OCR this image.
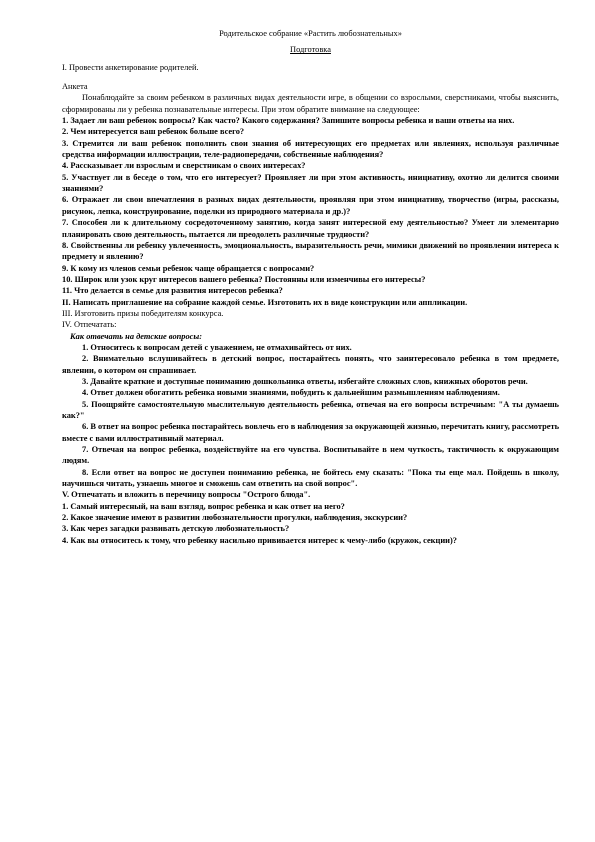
Родительское собрание «Растить любознательных»
Подготовка

I. Провести анкетирование родителей.

Анкета

Понаблюдайте за своим ребенком в различных видах деятельности игре, в общении со взрослыми, сверстниками, чтобы выяснить, сформированы ли у ребенка познавательные интересы. При этом обратите внимание на следующее:

1. Задает ли ваш ребенок вопросы? Как часто? Какого содержания? Запишите вопросы ребенка и ваши ответы на них.

2. Чем интересуется ваш ребенок больше всего?

3. Стремится ли ваш ребенок пополнить свои знания об интересующих его предметах или явлениях, используя различные средства информации иллюстрации, теле-радиопередачи, собственные наблюдения?

4. Рассказывает ли взрослым и сверстникам о своих интересах?

5. Участвует ли в беседе о том, что его интересует? Проявляет ли при этом активность, инициативу, охотно ли делится своими знаниями?

6. Отражает ли свои впечатления в разных видах деятельности, проявляя при этом инициативу, творчество (игры, рассказы, рисунок, лепка, конструирование, поделки из природного материала и др.)?

7. Способен ли к длительному сосредоточенному занятию, когда занят интересной ему деятельностью? Умеет ли элементарно планировать свою деятельность, пытается ли преодолеть различные трудности?

8. Свойственны ли ребенку увлеченность, эмоциональность, выразительность речи, мимики движений во проявлении интереса к предмету и явлению?

9. К кому из членов семьи ребенок чаще обращается с вопросами?

10. Широк или узок круг интересов вашего ребенка? Постоянны или изменчивы его интересы?

11. Что делается в семье для развития интересов ребенка?

II. Написать приглашение на собрание каждой семье. Изготовить их в виде конструкции или аппликации.

III. Изготовить призы победителям конкурса.

IV. Отпечатать:

Как отвечать на детские вопросы:

1. Относитесь к вопросам детей с уважением, не отмахивайтесь от них.

2. Внимательно вслушивайтесь в детский вопрос, постарайтесь понять, что заинтересовало ребенка в том предмете, явлении, о котором он спрашивает.

3. Давайте краткие и доступные пониманию дошкольника ответы, избегайте сложных слов, книжных оборотов речи.

4. Ответ должен обогатить ребенка новыми знаниями, побудить к дальнейшим размышлениям наблюдениям.

5. Поощряйте самостоятельную мыслительную деятельность ребенка, отвечая на его вопросы встречным: "А ты думаешь как?"

6. В ответ на вопрос ребенка постарайтесь вовлечь его в наблюдения за окружающей жизнью, перечитать книгу, рассмотреть вместе с вами иллюстративный материал.

7. Отвечая на вопрос ребенка, воздействуйте на его чувства. Воспитывайте в нем чуткость, тактичность к окружающим людям.

8. Если ответ на вопрос не доступен пониманию ребенка, не бойтесь ему сказать: "Пока ты еще мал. Пойдешь в школу, научишься читать, узнаешь многое и сможешь сам ответить на свой вопрос".

V. Отпечатать и вложить в перечницу вопросы "Острого блюда".

1. Самый интересный, на ваш взгляд, вопрос ребенка и как ответ на него?

2. Какое значение имеют в развитии любознательности прогулки, наблюдения, экскурсии?

3. Как через загадки развивать детскую любознательность?

4. Как вы относитесь к тому, что ребенку насильно прививается интерес к чему-либо (кружок, секции)?
